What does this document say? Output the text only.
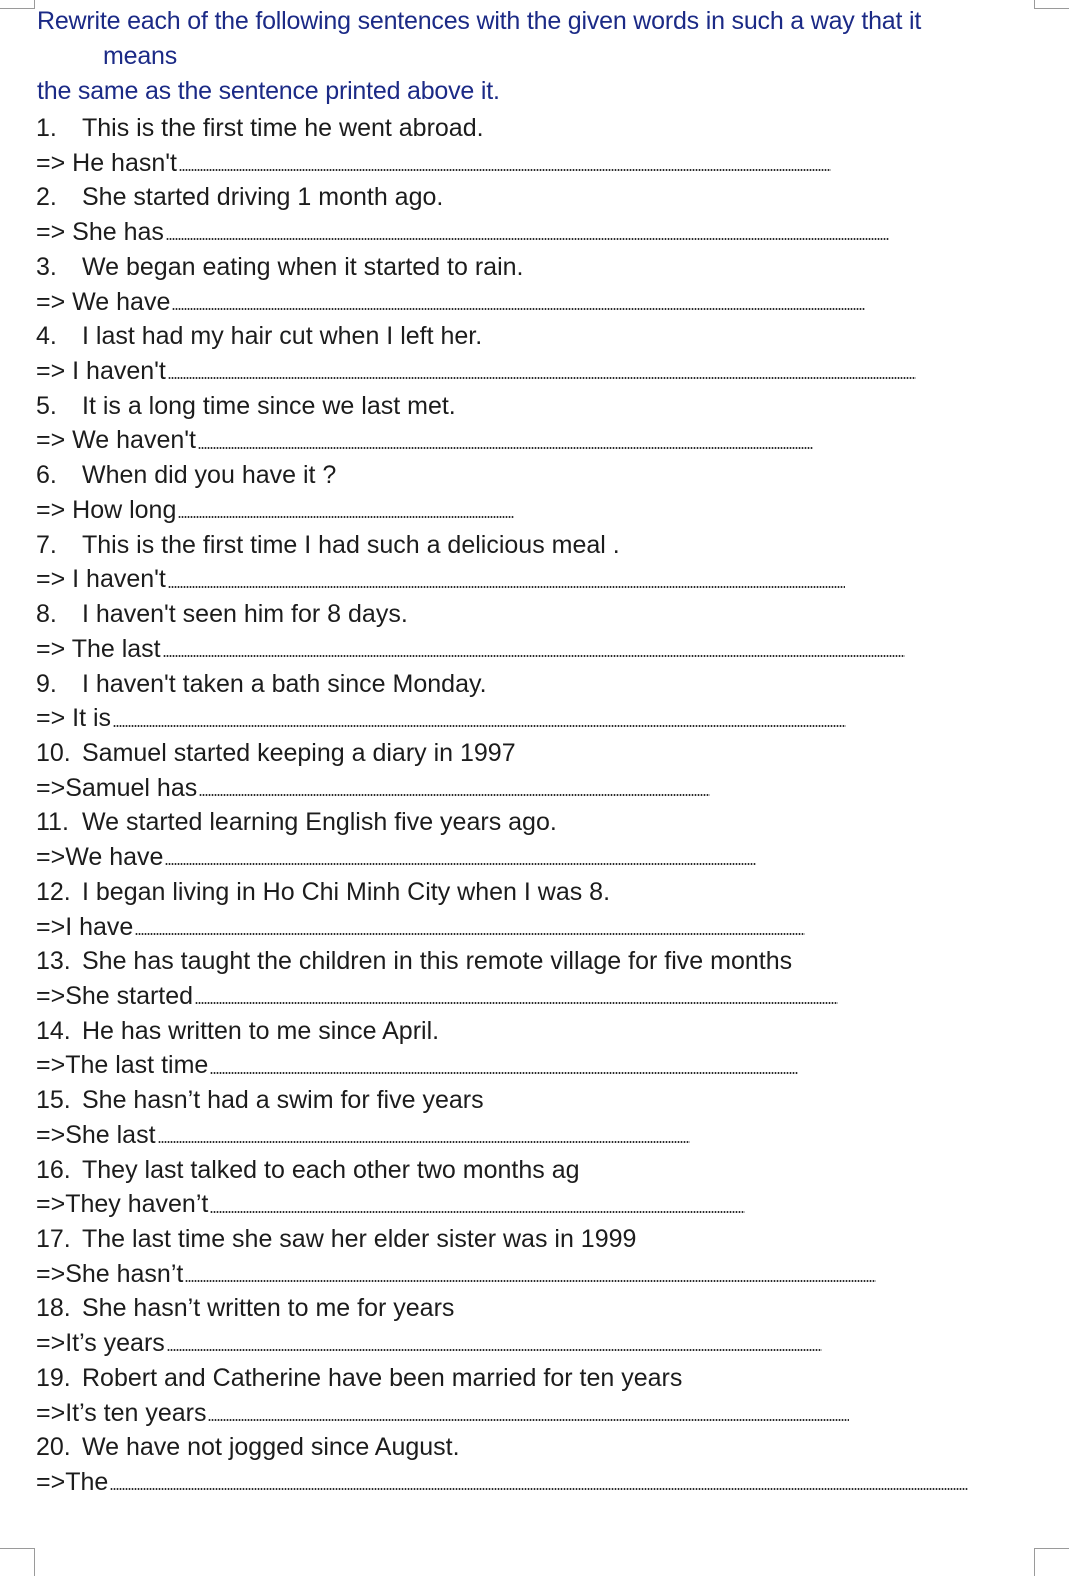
Rewrite each of the following sentences with the given words in such a way that it
means
the same as the sentence printed above it.
1. This is the first time he went abroad.
=> He hasn't
2. She started driving 1 month ago.
=> She has
3. We began eating when it started to rain.
=> We have
4. I last had my hair cut when I left her.
=> I haven't
5. It is a long time since we last met.
=> We haven't
6. When did you have it ?
=> How long
7. This is the first time I had such a delicious meal .
=> I haven't
8. I haven't seen him for 8 days.
=> The last
9. I haven't taken a bath since Monday.
=> It is
10. Samuel started keeping a diary in 1997
=>Samuel has
11. We started learning English five years ago.
=>We have
12. I began living in Ho Chi Minh City when I was 8.
=>I have
13. She has taught the children in this remote village for five months
=>She started
14. He has written to me since April.
=>The last time
15. She hasn’t had a swim for five years
=>She last
16. They last talked to each other two months ag
=>They haven’t
17. The last time she saw her elder sister was in 1999
=>She hasn’t
18. She hasn’t written to me for years
=>It’s years
19. Robert and Catherine have been married for ten years
=>It’s ten years
20. We have not jogged since August.
=>The
